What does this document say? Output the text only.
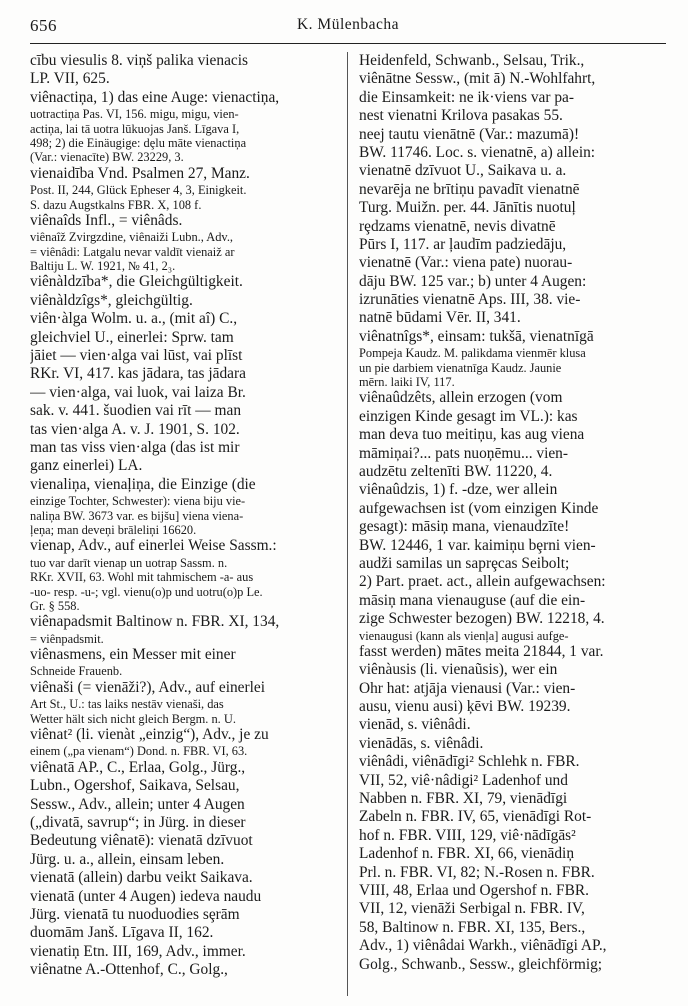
656	K. Mülenbacha
cību viesulis 8. viņš palika vienacis
LP. VII, 625.
viênactiņa, 1) das eine Auge: vienactiņa,
uotractiņa Pas. VI, 156. migu, migu, vien-
actiņa, lai tā uotra lūkuojas Janš. Līgava I,
498; 2) die Einäugige: dȩlu māte vienactiņa
(Var.: vienacīte) BW. 23229, 3.
vienaidība Vnd. Psalmen 27, Manz.
Post. II, 244, Glück Epheser 4, 3, Einigkeit.
S. dazu Augstkalns FBR. X, 108 f.
viênaîds Infl., = viênâds.
viênaîž Zvirgzdine, viênaiži Lubn., Adv.,
= viênâdi: Latgalu nevar valdīt vienaiž ar
Baltiju L. W. 1921, № 41, 2₃.
viênàldzība*, die Gleichgültigkeit.
viênàldzîgs*, gleichgültig.
viên·àlga Wolm. u. a., (mit aî) C.,
gleichviel U., einerlei: Sprw. tam
jāiet — vien·alga vai lūst, vai plīst
RKr. VI, 417. kas jādara, tas jādara
— vien·alga, vai luok, vai laiza Br.
sak. v. 441. šuodien vai rīt — man
tas vien·alga A. v. J. 1901, S. 102.
man tas viss vien·alga (das ist mir
ganz einerlei) LA.
vienaliņa, vienaļiņa, die Einzige (die
einzige Tochter, Schwester): viena biju vie-
naliņa BW. 3673 var. es bijšu] viena viena-
ļeņa; man deveņi brāleliņi 16620.
vienap, Adv., auf einerlei Weise Sassm.:
tuo var darīt vienap un uotrap Sassm. n.
RKr. XVII, 63. Wohl mit tahmischem -a- aus
-uo- resp. -u-; vgl. vienu(o)p und uotru(o)p Le.
Gr. § 558.
viênapadsmit Baltinow n. FBR. XI, 134,
= viênpadsmit.
viênasmens, ein Messer mit einer
Schneide Frauenb.
viênaši (= vienāži?), Adv., auf einerlei
Art St., U.: tas laiks nestāv vienaši, das
Wetter hält sich nicht gleich Bergm. n. U.
viênat² (li. vienàt „einzig“), Adv., je zu
einem („pa vienam“) Dond. n. FBR. VI, 63.
viênatā AP., C., Erlaa, Golg., Jürg.,
Lubn., Ogershof, Saikava, Selsau,
Sessw., Adv., allein; unter 4 Augen
(„divatā, savrup“; in Jürg. in dieser
Bedeutung viênatē): vienatā dzīvuot
Jürg. u. a., allein, einsam leben.
vienatā (allein) darbu veikt Saikava.
vienatā (unter 4 Augen) iedeva naudu
Jürg. vienatā tu nuoduodies sȩrām
duomām Janš. Līgava II, 162.
vienatiņ Etn. III, 169, Adv., immer.
viênatne A.-Ottenhof, C., Golg.,
Heidenfeld, Schwanb., Selsau, Trik.,
viênātne Sessw., (mit ā) N.-Wohlfahrt,
die Einsamkeit: ne ik·viens var pa-
nest vienatni Krilova pasakas 55.
neej tautu vienātnē (Var.: mazumā)!
BW. 11746. Loc. s. vienatnē, a) allein:
vienatnē dzīvuot U., Saikava u. a.
nevarēja ne brītiņu pavadīt vienatnē
Turg. Muižn. per. 44. Jānītis nuotuļ
rȩdzams vienatnē, nevis divatnē
Pūrs I, 117. ar ļaudīm padziedāju,
vienatnē (Var.: viena pate) nuorau-
dāju BW. 125 var.; b) unter 4 Augen:
izrunāties vienatnē Aps. III, 38. vie-
natnē būdami Vēr. II, 341.
viênatnîgs*, einsam: tukšā, vienatnīgā
Pompeja Kaudz. M. palikdama vienmēr klusa
un pie darbiem vienatnīga Kaudz. Jaunie
mērn. laiki IV, 117.
viênaûdzêts, allein erzogen (vom
einzigen Kinde gesagt im VL.): kas
man deva tuo meitiņu, kas aug viena
māmiņai?... pats nuoņēmu... vien-
audzētu zeltenīti BW. 11220, 4.
viênaûdzis, 1) f. -dze, wer allein
aufgewachsen ist (vom einzigen Kinde
gesagt): māsiņ mana, vienaudzīte!
BW. 12446, 1 var. kaimiņu bȩrni vien-
audži samilas un saprȩcas Seibolt;
2) Part. praet. act., allein aufgewachsen:
māsiņ mana vienauguse (auf die ein-
zige Schwester bezogen) BW. 12218, 4.
vienaugusi (kann als vienļa] augusi aufge-
fasst werden) mātes meita 21844, 1 var.
viênàusis (li. vienaũsis), wer ein
Ohr hat: atjāja vienausi (Var.: vien-
ausu, vienu ausi) ķēvi BW. 19239.
vienād, s. viênâdi.
vienādās, s. viênâdi.
viênâdi, viênādīgi² Schlehk n. FBR.
VII, 52, viê·nâdigi² Ladenhof und
Nabben n. FBR. XI, 79, vienādīgi
Zabeln n. FBR. IV, 65, vienādīgi Rot-
hof n. FBR. VIII, 129, viê·nādīgās²
Ladenhof n. FBR. XI, 66, vienādiņ
Prl. n. FBR. VI, 82; N.-Rosen n. FBR.
VIII, 48, Erlaa und Ogershof n. FBR.
VII, 12, vienāži Serbigal n. FBR. IV,
58, Baltinow n. FBR. XI, 135, Bers.,
Adv., 1) viênâdai Warkh., viênādīgi AP.,
Golg., Schwanb., Sessw., gleichförmig;
